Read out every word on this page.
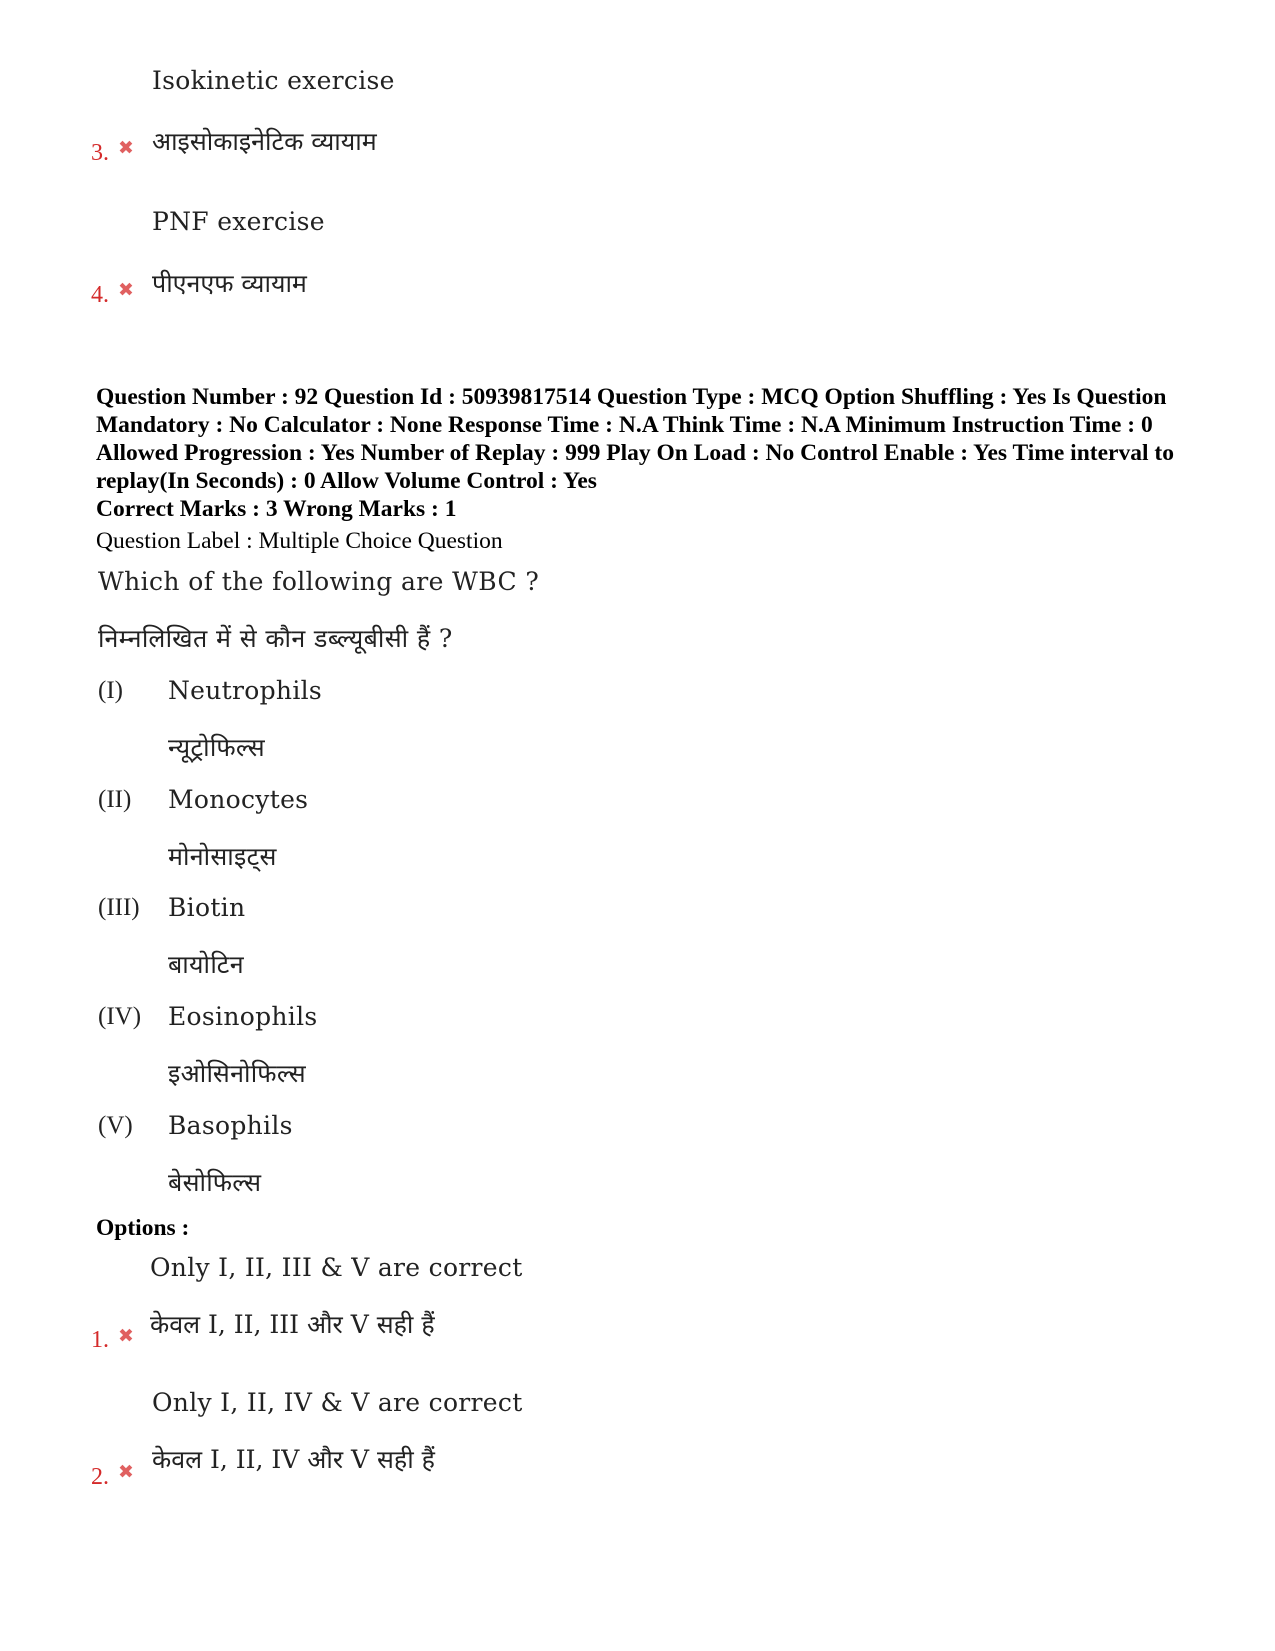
Isokinetic exercise
3. ✖ आइसोकाइनेटिक व्यायाम
PNF exercise
4. ✖ पीएनएफ व्यायाम
Question Number : 92 Question Id : 50939817514 Question Type : MCQ Option Shuffling : Yes Is Question Mandatory : No Calculator : None Response Time : N.A Think Time : N.A Minimum Instruction Time : 0 Allowed Progression : Yes Number of Replay : 999 Play On Load : No Control Enable : Yes Time interval to replay(In Seconds) : 0 Allow Volume Control : Yes
Correct Marks : 3 Wrong Marks : 1
Question Label : Multiple Choice Question
Which of the following are WBC ?
निम्नलिखित में से कौन डब्ल्यूबीसी हैं ?
(I) Neutrophils
न्यूट्रोफिल्स
(II) Monocytes
मोनोसाइट्स
(III) Biotin
बायोटिन
(IV) Eosinophils
इओसिनोफिल्स
(V) Basophils
बेसोफिल्स
Options :
Only I, II, III & V are correct
1. ✖ केवल I, II, III और V सही हैं
Only I, II, IV & V are correct
2. ✖ केवल I, II, IV और V सही हैं
